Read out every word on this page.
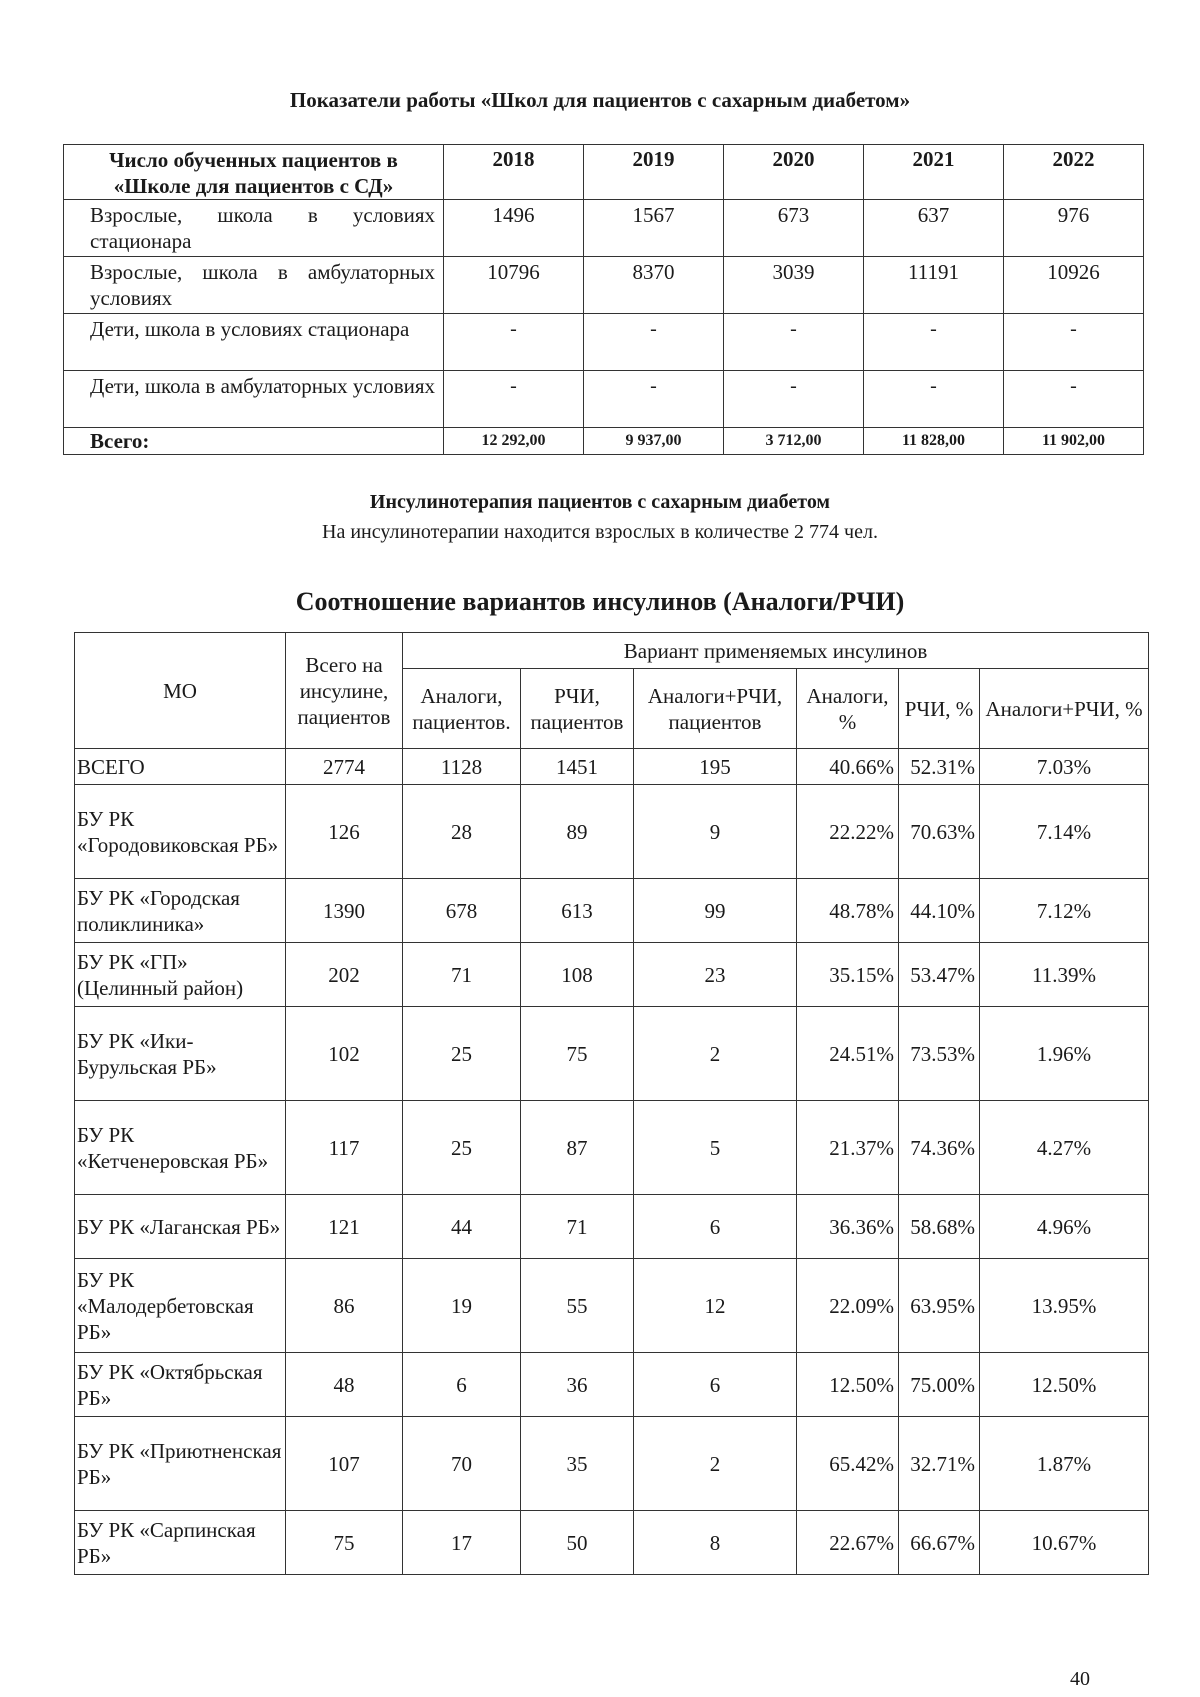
Показатели работы «Школ для пациентов с сахарным диабетом»
Число обученных пациентов в «Школе для пациентов с СД»	2018	2019	2020	2021	2022
Взрослые, школа в условиях стационара	1496	1567	673	637	976
Взрослые, школа в амбулаторных условиях	10796	8370	3039	11191	10926
Дети, школа в условиях стационара	-	-	-	-	-
Дети, школа в амбулаторных условиях	-	-	-	-	-
Всего:	12 292,00	9 937,00	3 712,00	11 828,00	11 902,00

Инсулинотерапия пациентов с сахарным диабетом

На инсулинотерапии находится взрослых в количестве 2 774 чел.

Соотношение вариантов инсулинов (Аналоги/РЧИ)
МО	Всего на инсулине, пациентов	Вариант применяемых инсулинов					
		Аналоги, пациентов.	РЧИ, пациентов	Аналоги+РЧИ, пациентов	Аналоги, %	РЧИ, %	Аналоги+РЧИ, %
ВСЕГО	2774	1128	1451	195	40.66%	52.31%	7.03%
БУ РК «Городовиковская РБ»	126	28	89	9	22.22%	70.63%	7.14%
БУ РК «Городская поликлиника»	1390	678	613	99	48.78%	44.10%	7.12%
БУ РК «ГП» (Целинный район)	202	71	108	23	35.15%	53.47%	11.39%
БУ РК «Ики-Бурульская РБ»	102	25	75	2	24.51%	73.53%	1.96%
БУ РК «Кетченеровская РБ»	117	25	87	5	21.37%	74.36%	4.27%
БУ РК «Лаганская РБ»	121	44	71	6	36.36%	58.68%	4.96%
БУ РК «Малодербетовская РБ»	86	19	55	12	22.09%	63.95%	13.95%
БУ РК «Октябрьская РБ»	48	6	36	6	12.50%	75.00%	12.50%
БУ РК «Приютненская РБ»	107	70	35	2	65.42%	32.71%	1.87%
БУ РК «Сарпинская РБ»	75	17	50	8	22.67%	66.67%	10.67%
40
